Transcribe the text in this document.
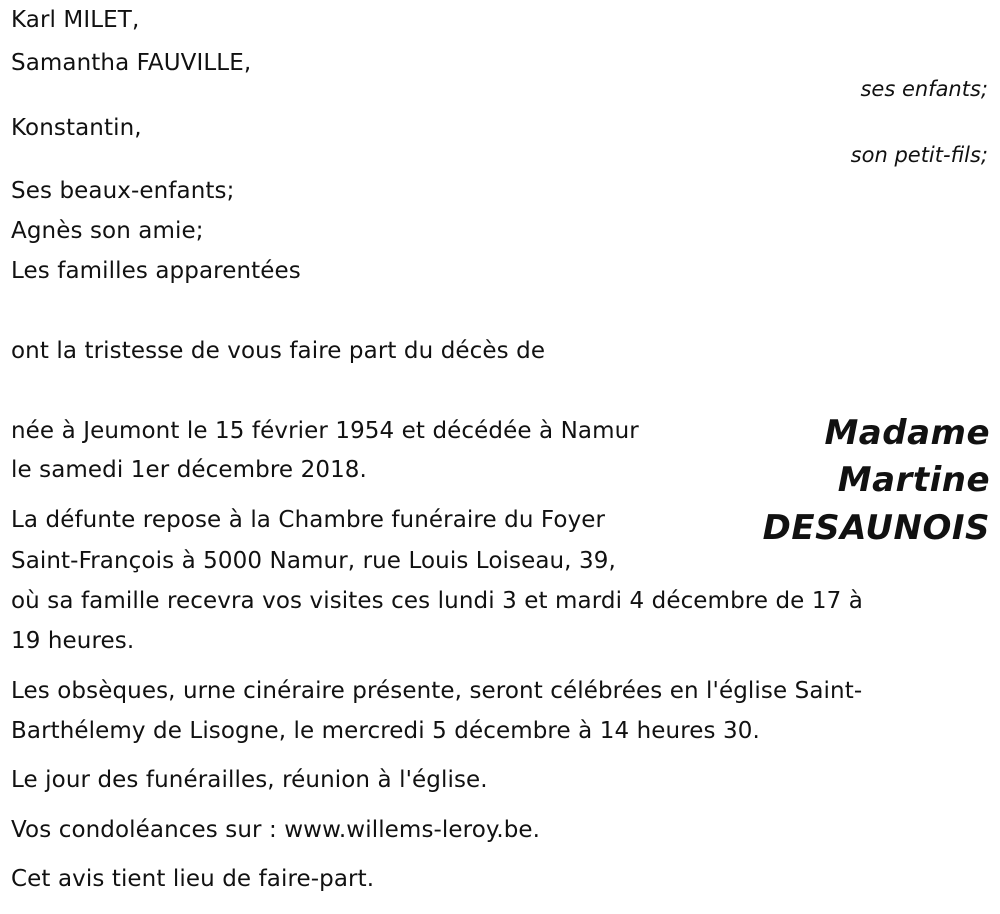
Karl MILET,
Samantha FAUVILLE,
ses enfants;
Konstantin,
son petit-fils;
Ses beaux-enfants;
Agnès son amie;
Les familles apparentées
ont la tristesse de vous faire part du décès de
Madame
Martine
DESAUNOIS
née à Jeumont le 15 février 1954 et décédée à Namur
le samedi 1er décembre 2018.
La défunte repose à la Chambre funéraire du Foyer
Saint-François à 5000 Namur, rue Louis Loiseau, 39,
où sa famille recevra vos visites ces lundi 3 et mardi 4 décembre de 17 à
19 heures.
Les obsèques, urne cinéraire présente, seront célébrées en l'église Saint-
Barthélemy de Lisogne, le mercredi 5 décembre à 14 heures 30.
Le jour des funérailles, réunion à l'église.
Vos condoléances sur : www.willems-leroy.be.
Cet avis tient lieu de faire-part.
